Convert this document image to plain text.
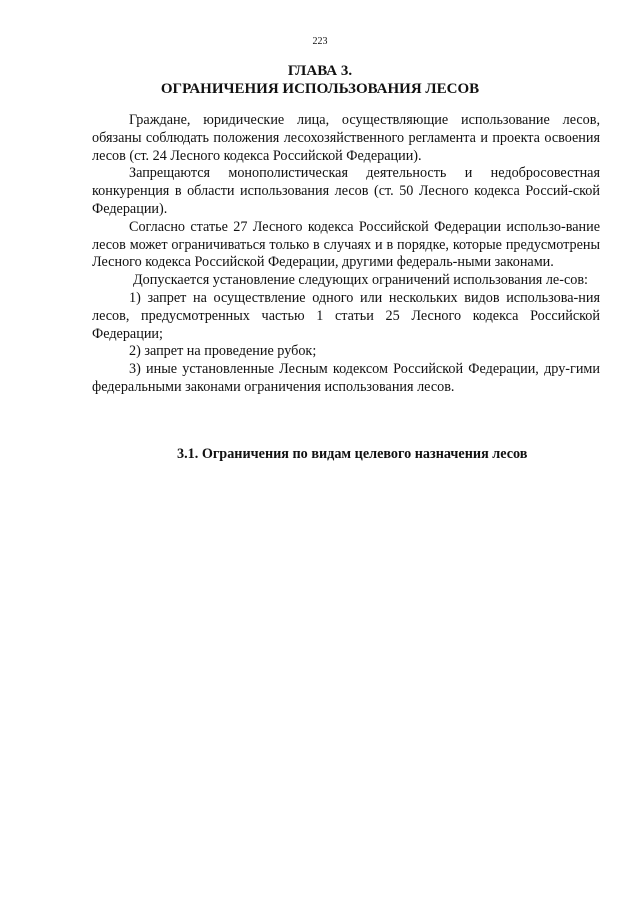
223
ГЛАВА 3.
ОГРАНИЧЕНИЯ ИСПОЛЬЗОВАНИЯ ЛЕСОВ

Граждане, юридические лица, осуществляющие использование лесов, обязаны соблюдать положения лесохозяйственного регламента и проекта освоения лесов (ст. 24 Лесного кодекса Российской Федерации).

Запрещаются монополистическая деятельность и недобросовестная конкуренция в области использования лесов (ст. 50 Лесного кодекса Россий-ской Федерации).

Согласно статье 27 Лесного кодекса Российской Федерации использо-вание лесов может ограничиваться только в случаях и в порядке, которые предусмотрены Лесного кодекса Российской Федерации, другими федераль-ными законами.

Допускается установление следующих ограничений использования ле-сов:

1) запрет на осуществление одного или нескольких видов использова-ния лесов, предусмотренных частью 1 статьи 25 Лесного кодекса Российской Федерации;

2) запрет на проведение рубок;

3) иные установленные Лесным кодексом Российской Федерации, дру-гими федеральными законами ограничения использования лесов.

3.1. Ограничения по видам целевого назначения лесов
